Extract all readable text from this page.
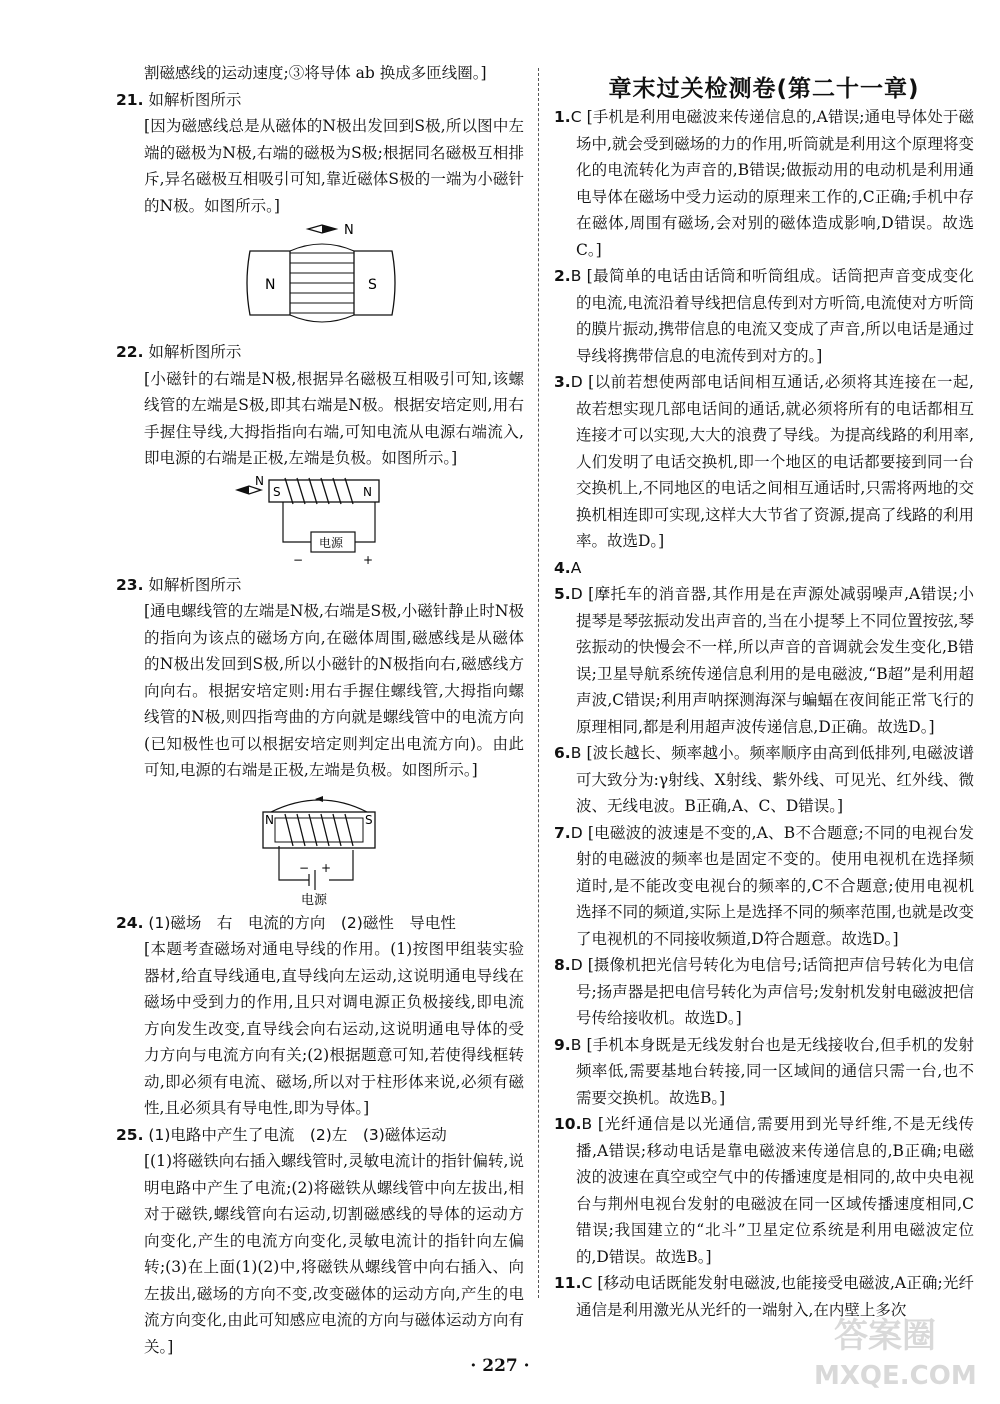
割磁感线的运动速度;③将导体 ab 换成多匝线圈。]

21. 如解析图所示

[因为磁感线总是从磁体的N极出发回到S极,所以图中左端的磁极为N极,右端的磁极为S极;根据同名磁极互相排斥,异名磁极互相吸引可知,靠近磁体S极的一端为小磁针的N极。如图所示。]

N
N	S
22. 如解析图所示

[小磁针的右端是N极,根据异名磁极互相吸引可知,该螺线管的左端是S极,即其右端是N极。根据安培定则,用右手握住导线,大拇指指向右端,可知电流从电源右端流入,即电源的右端是正极,左端是负极。如图所示。]

N
S	N
电源
−	+
23. 如解析图所示

[通电螺线管的左端是N极,右端是S极,小磁针静止时N极的指向为该点的磁场方向,在磁体周围,磁感线是从磁体的N极出发回到S极,所以小磁针的N极指向右,磁感线方向向右。根据安培定则:用右手握住螺线管,大拇指向螺线管的N极,则四指弯曲的方向就是螺线管中的电流方向(已知极性也可以根据安培定则判定出电流方向)。由此可知,电源的右端是正极,左端是负极。如图所示。]

N	S
− +
电源
24. (1)磁场　右　电流的方向　(2)磁性　导电性

[本题考查磁场对通电导线的作用。(1)按图甲组装实验器材,给直导线通电,直导线向左运动,这说明通电导线在磁场中受到力的作用,且只对调电源正负极接线,即电流方向发生改变,直导线会向右运动,这说明通电导体的受力方向与电流方向有关;(2)根据题意可知,若使得线框转动,即必须有电流、磁场,所以对于柱形体来说,必须有磁性,且必须具有导电性,即为导体。]

25. (1)电路中产生了电流　(2)左　(3)磁体运动

[(1)将磁铁向右插入螺线管时,灵敏电流计的指针偏转,说明电路中产生了电流;(2)将磁铁从螺线管中向左拔出,相对于磁铁,螺线管向右运动,切割磁感线的导体的运动方向变化,产生的电流方向变化,灵敏电流计的指针向左偏转;(3)在上面(1)(2)中,将磁铁从螺线管中向右插入、向左拔出,磁场的方向不变,改变磁体的运动方向,产生的电流方向变化,由此可知感应电流的方向与磁体运动方向有关。]

章末过关检测卷(第二十一章)

1.C [手机是利用电磁波来传递信息的,A错误;通电导体处于磁场中,就会受到磁场的力的作用,听筒就是利用这个原理将变化的电流转化为声音的,B错误;做振动用的电动机是利用通电导体在磁场中受力运动的原理来工作的,C正确;手机中存在磁体,周围有磁场,会对别的磁体造成影响,D错误。故选C。]

2.B [最简单的电话由话筒和听筒组成。话筒把声音变成变化的电流,电流沿着导线把信息传到对方听筒,电流使对方听筒的膜片振动,携带信息的电流又变成了声音,所以电话是通过导线将携带信息的电流传到对方的。]

3.D [以前若想使两部电话间相互通话,必须将其连接在一起,故若想实现几部电话间的通话,就必须将所有的电话都相互连接才可以实现,大大的浪费了导线。为提高线路的利用率,人们发明了电话交换机,即一个地区的电话都要接到同一台交换机上,不同地区的电话之间相互通话时,只需将两地的交换机相连即可实现,这样大大节省了资源,提高了线路的利用率。故选D。]

4.A

5.D [摩托车的消音器,其作用是在声源处减弱噪声,A错误;小提琴是琴弦振动发出声音的,当在小提琴上不同位置按弦,琴弦振动的快慢会不一样,所以声音的音调就会发生变化,B错误;卫星导航系统传递信息利用的是电磁波,“B超”是利用超声波,C错误;利用声呐探测海深与蝙蝠在夜间能正常飞行的原理相同,都是利用超声波传递信息,D正确。故选D。]

6.B [波长越长、频率越小。频率顺序由高到低排列,电磁波谱可大致分为:γ射线、X射线、紫外线、可见光、红外线、微波、无线电波。B正确,A、C、D错误。]

7.D [电磁波的波速是不变的,A、B不合题意;不同的电视台发射的电磁波的频率也是固定不变的。使用电视机在选择频道时,是不能改变电视台的频率的,C不合题意;使用电视机选择不同的频道,实际上是选择不同的频率范围,也就是改变了电视机的不同接收频道,D符合题意。故选D。]

8.D [摄像机把光信号转化为电信号;话筒把声信号转化为电信号;扬声器是把电信号转化为声信号;发射机发射电磁波把信号传给接收机。故选D。]

9.B [手机本身既是无线发射台也是无线接收台,但手机的发射频率低,需要基地台转接,同一区域间的通信只需一台,也不需要交换机。故选B。]

10.B [光纤通信是以光通信,需要用到光导纤维,不是无线传播,A错误;移动电话是靠电磁波来传递信息的,B正确;电磁波的波速在真空或空气中的传播速度是相同的,故中央电视台与荆州电视台发射的电磁波在同一区域传播速度相同,C错误;我国建立的“北斗”卫星定位系统是利用电磁波定位的,D错误。故选B。]

11.C [移动电话既能发射电磁波,也能接受电磁波,A正确;光纤通信是利用激光从光纤的一端射入,在内壁上多次

· 227 ·
答案圈
MXQE.COM
